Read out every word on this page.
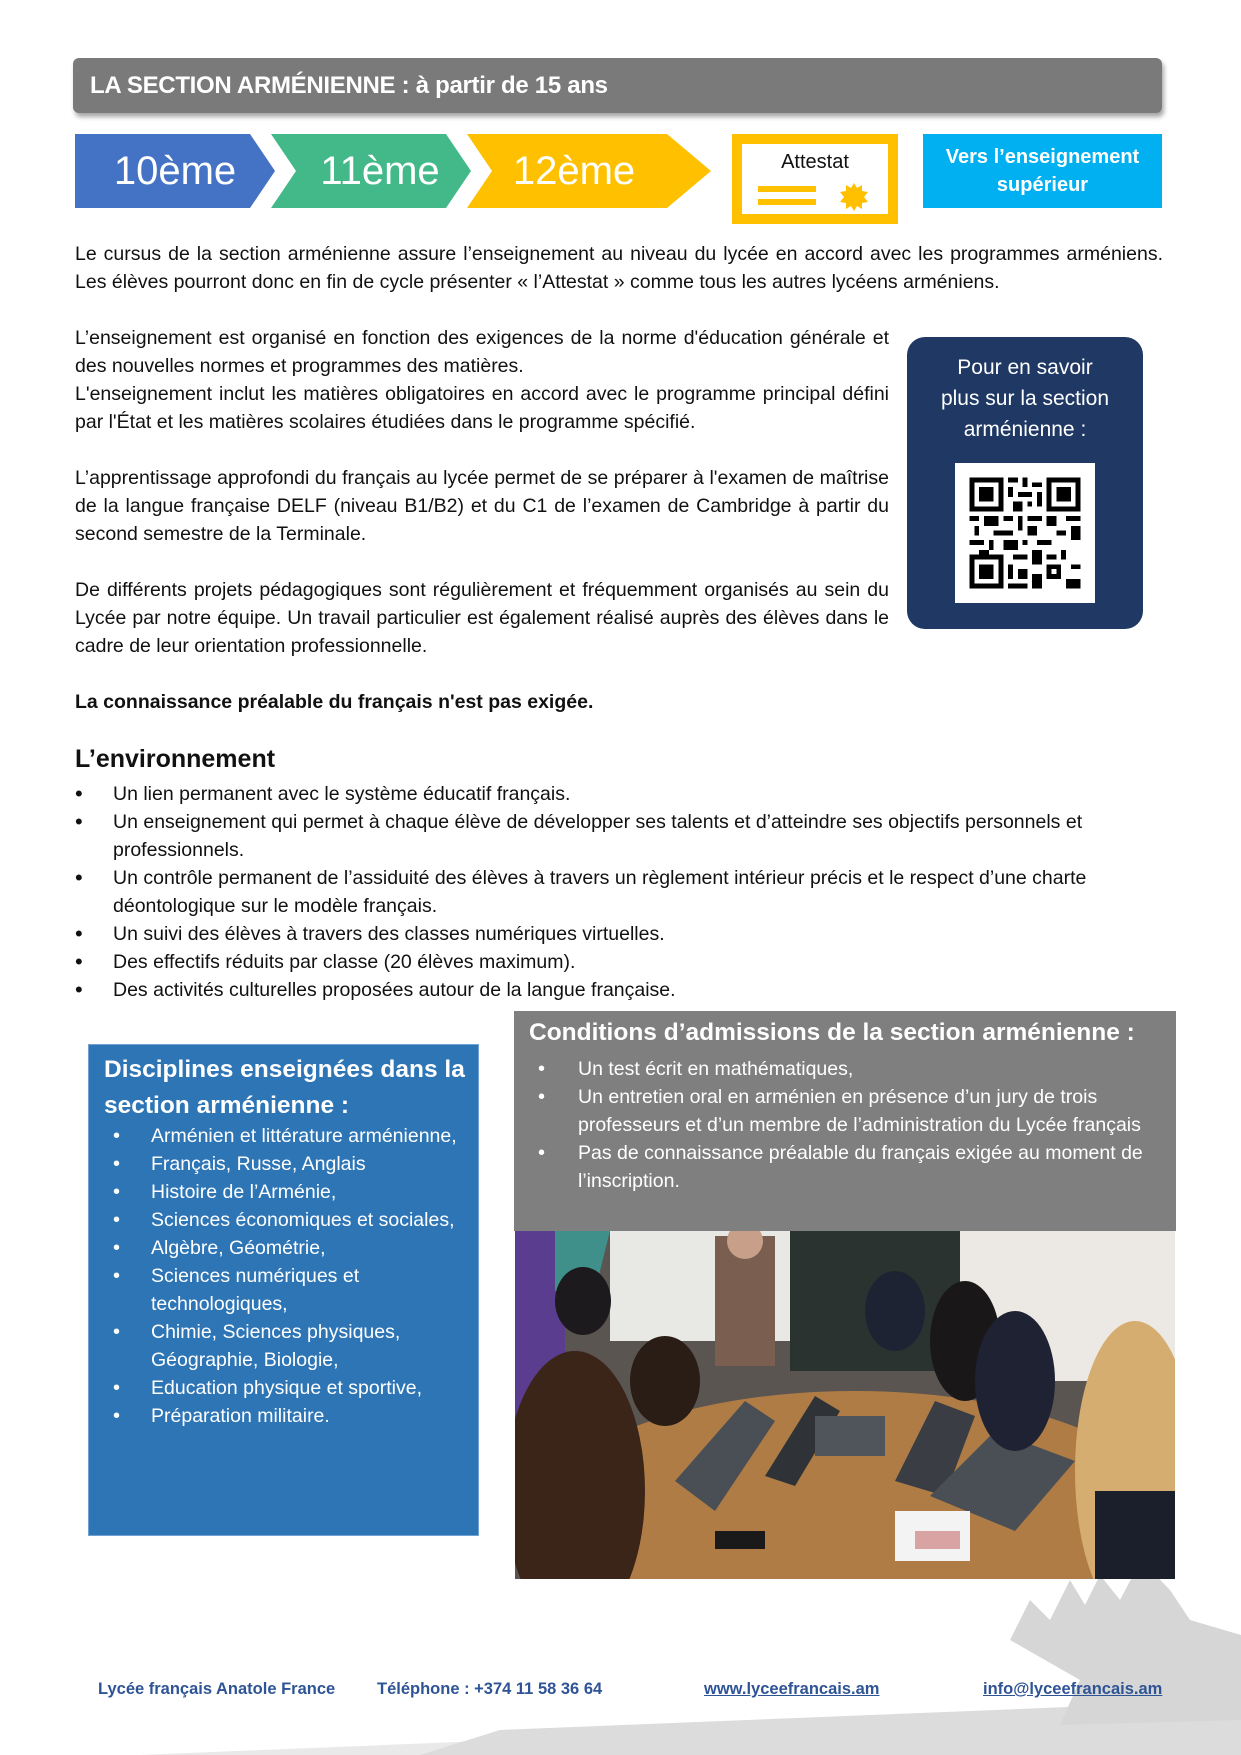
LA SECTION ARMÉNIENNE : à partir de 15 ans
10ème	11ème 12ème	Attestat	Vers l’enseignement
supérieur
Le cursus de la section arménienne assure l’enseignement au niveau du lycée en accord avec les programmes arméniens. Les élèves pourront donc en fin de cycle présenter « l’Attestat » comme tous les autres lycéens arméniens.
L’enseignement est organisé en fonction des exigences de la norme d'éducation générale et des nouvelles normes et programmes des matières.
L'enseignement inclut les matières obligatoires en accord avec le programme principal défini par l'État et les matières scolaires étudiées dans le programme spécifié.
L’apprentissage approfondi du français au lycée permet de se préparer à l'examen de maîtrise de la langue française DELF (niveau B1/B2) et du C1 de l’examen de Cambridge à partir du second semestre de la Terminale.
De différents projets pédagogiques sont régulièrement et fréquemment organisés au sein du Lycée par notre équipe. Un travail particulier est également réalisé auprès des élèves dans le cadre de leur orientation professionnelle.
La connaissance préalable du français n'est pas exigée.
Pour en savoir
plus sur la section
arménienne :
L’environnement
• Un lien permanent avec le système éducatif français.
• Un enseignement qui permet à chaque élève de développer ses talents et d’atteindre ses objectifs personnels et professionnels.
• Un contrôle permanent de l’assiduité des élèves à travers un règlement intérieur précis et le respect d’une charte déontologique sur le modèle français.
• Un suivi des élèves à travers des classes numériques virtuelles.
• Des effectifs réduits par classe (20 élèves maximum).
• Des activités culturelles proposées autour de la langue française.
Disciplines enseignées dans la section arménienne :
• Arménien et littérature arménienne,
• Français, Russe, Anglais
• Histoire de l’Arménie,
• Sciences économiques et sociales,
• Algèbre, Géométrie,
• Sciences numériques et technologiques,
• Chimie, Sciences physiques, Géographie, Biologie,
• Education physique et sportive,
• Préparation militaire.
Conditions d’admissions de la section arménienne :
• Un test écrit en mathématiques,
• Un entretien oral en arménien en présence d’un jury de trois professeurs et d’un membre de l’administration du Lycée français
• Pas de connaissance préalable du français exigée au moment de l’inscription.
Lycée français Anatole France	Téléphone : +374 11 58 36 64	www.lyceefrancais.am	info@lyceefrancais.am
